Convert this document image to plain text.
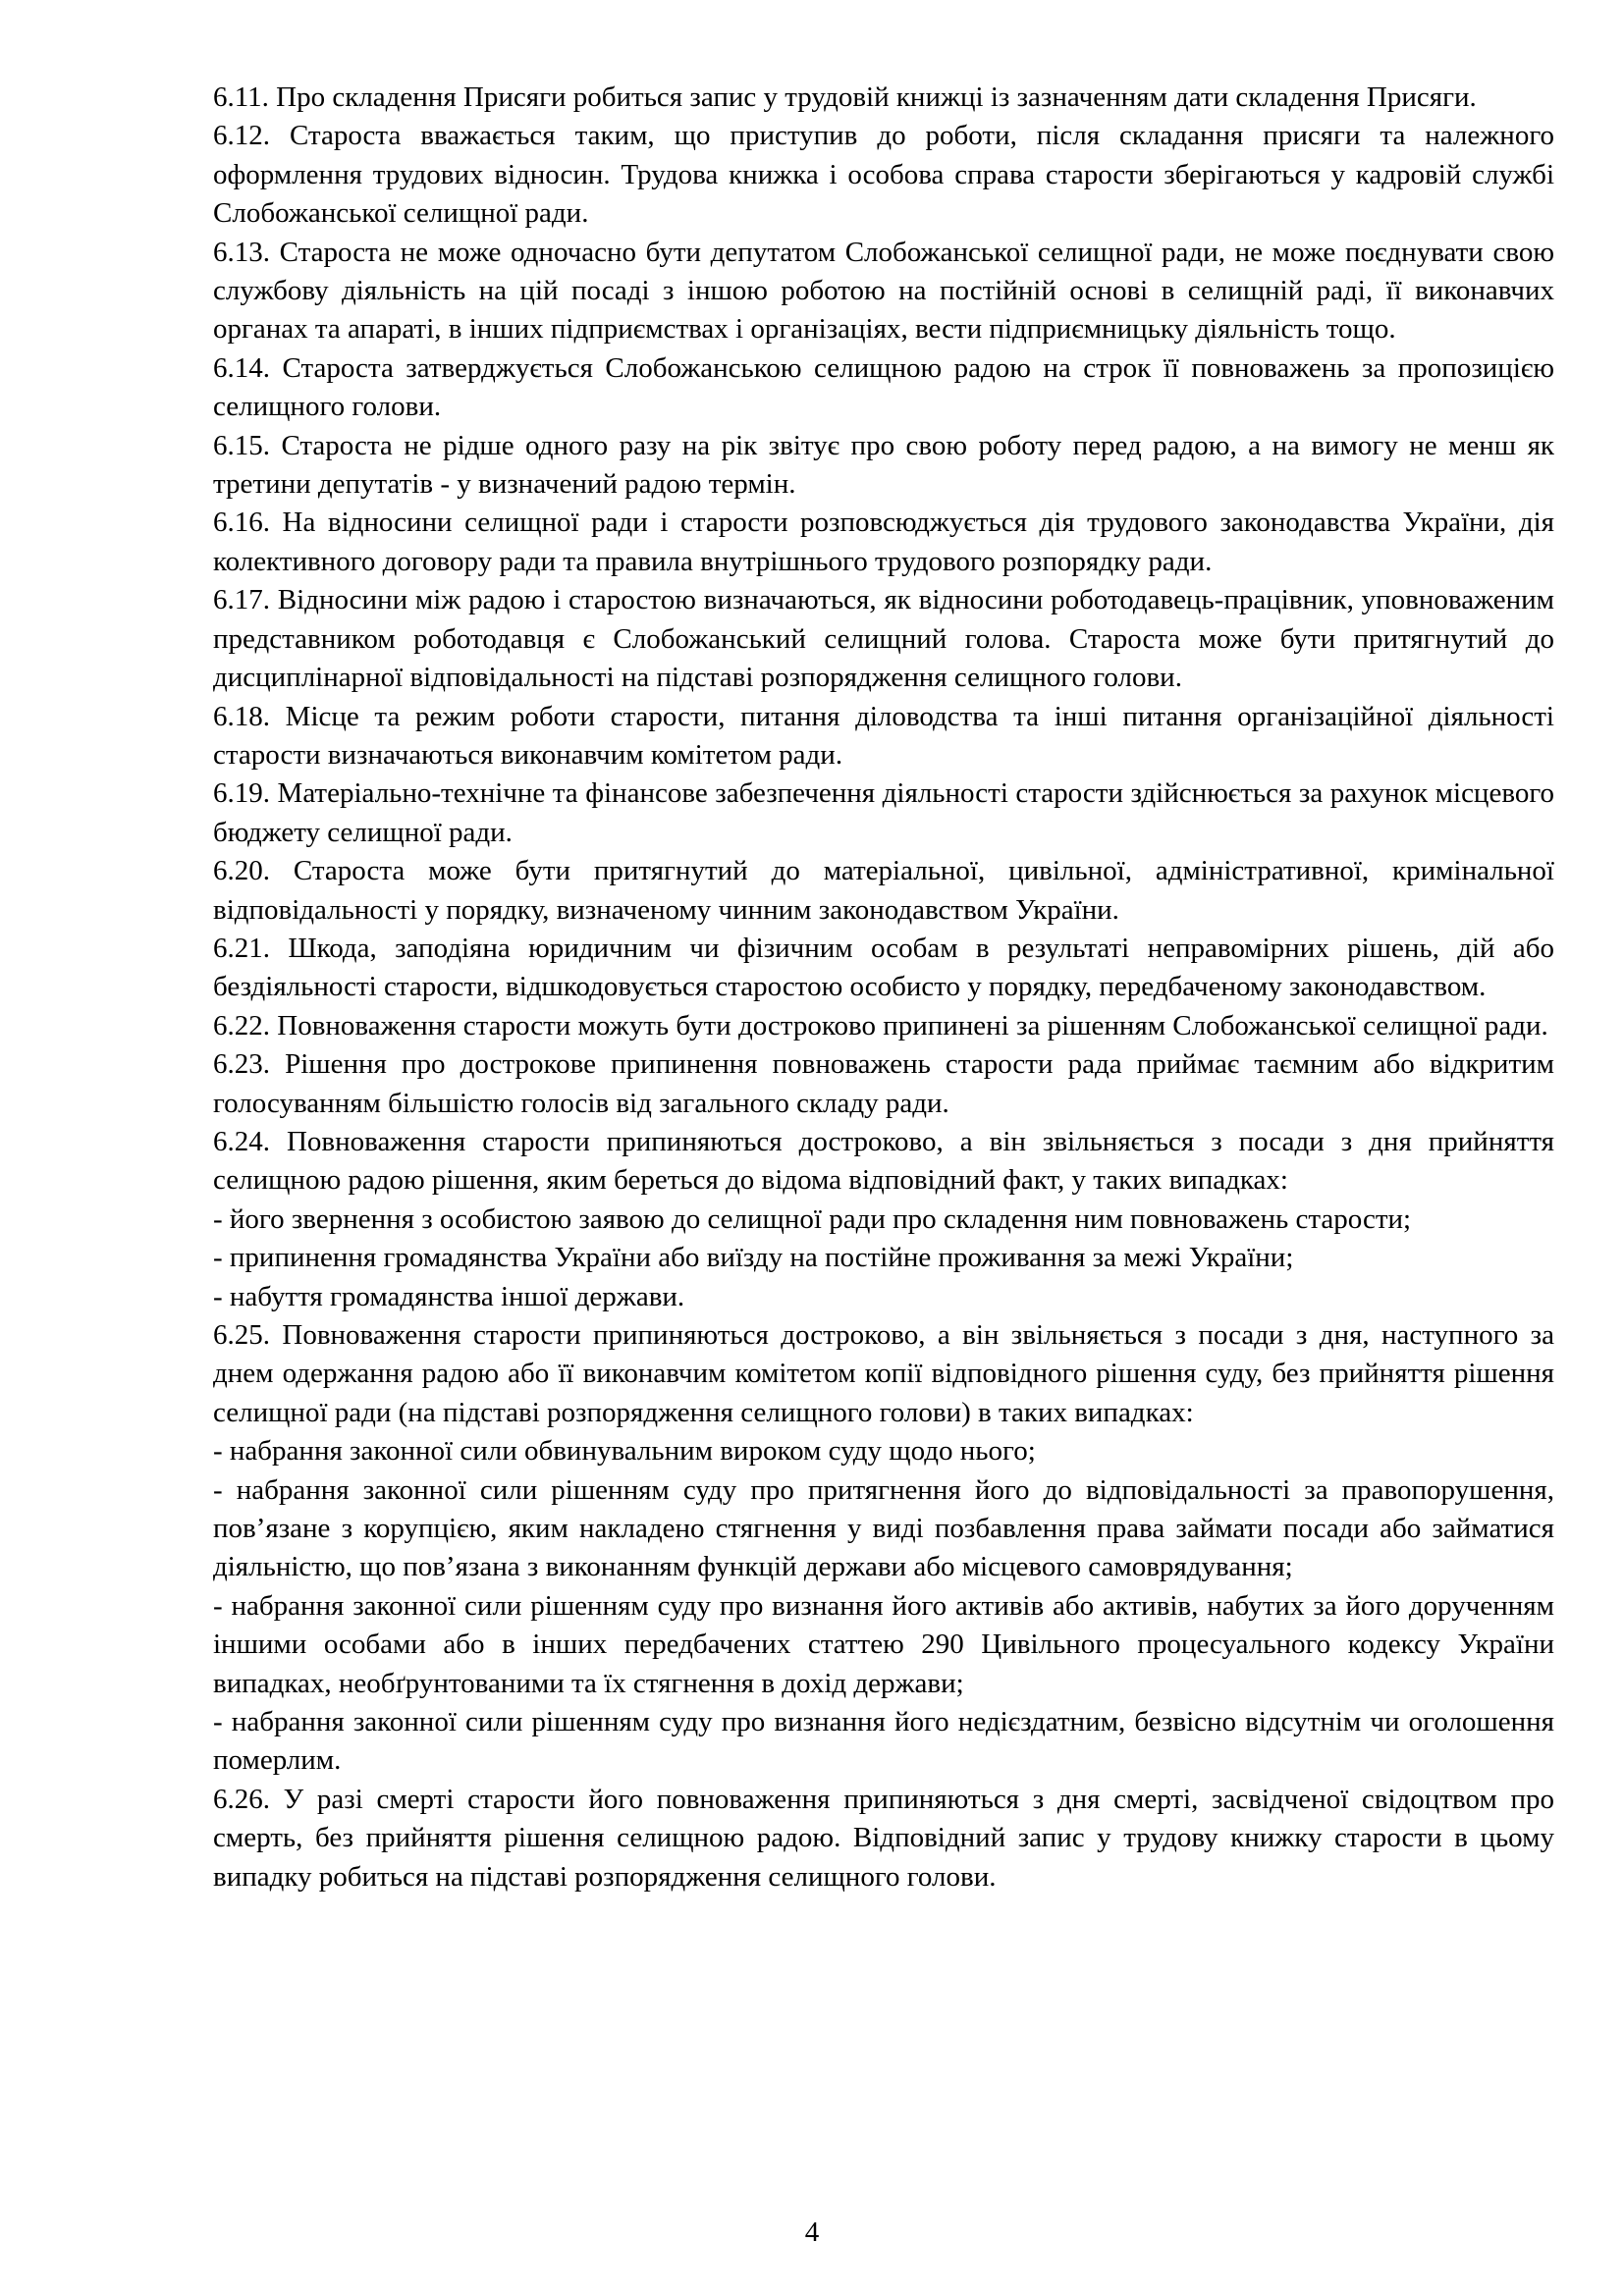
6.11. Про складення Присяги робиться запис у трудовій книжці із зазначенням дати складення Присяги.

6.12. Староста вважається таким, що приступив до роботи, після складання присяги та належного оформлення трудових відносин. Трудова книжка і особова справа старости зберігаються у кадровій службі Слобожанської селищної ради.

6.13. Староста не може одночасно бути депутатом Слобожанської селищної ради, не може поєднувати свою службову діяльність на цій посаді з іншою роботою на постійній основі в селищній раді, її виконавчих органах та апараті, в інших підприємствах і організаціях, вести підприємницьку діяльність тощо.

6.14. Староста затверджується Слобожанською селищною радою на строк її повноважень за пропозицією селищного голови.

6.15. Староста не рідше одного разу на рік звітує про свою роботу перед радою, а на вимогу не менш як третини депутатів - у визначений радою термін.

6.16. На відносини селищної ради і старости розповсюджується дія трудового законодавства України, дія колективного договору ради та правила внутрішнього трудового розпорядку ради.

6.17. Відносини між радою і старостою визначаються, як відносини роботодавець-працівник, уповноваженим представником роботодавця є Слобожанський селищний голова. Староста може бути притягнутий до дисциплінарної відповідальності на підставі розпорядження селищного голови.

6.18. Місце та режим роботи старости, питання діловодства та інші питання організаційної діяльності старости визначаються виконавчим комітетом ради.

6.19. Матеріально-технічне та фінансове забезпечення діяльності старости здійснюється за рахунок місцевого бюджету селищної ради.

6.20. Староста може бути притягнутий до матеріальної, цивільної, адміністративної, кримінальної відповідальності у порядку, визначеному чинним законодавством України.

6.21. Шкода, заподіяна юридичним чи фізичним особам в результаті неправомірних рішень, дій або бездіяльності старости, відшкодовується старостою особисто у порядку, передбаченому законодавством.

6.22. Повноваження старости можуть бути достроково припинені за рішенням Слобожанської селищної ради.

6.23. Рішення про дострокове припинення повноважень старости рада приймає таємним або відкритим голосуванням більшістю голосів від загального складу ради.

6.24. Повноваження старости припиняються достроково, а він звільняється з посади з дня прийняття селищною радою рішення, яким береться до відома відповідний факт, у таких випадках:

- його звернення з особистою заявою до селищної ради про складення ним повноважень старости;

- припинення громадянства України або виїзду на постійне проживання за межі України;

- набуття громадянства іншої держави.

6.25. Повноваження старости припиняються достроково, а він звільняється з посади з дня, наступного за днем одержання радою або її виконавчим комітетом копії відповідного рішення суду, без прийняття рішення селищної ради (на підставі розпорядження селищного голови) в таких випадках:

- набрання законної сили обвинувальним вироком суду щодо нього;

- набрання законної сили рішенням суду про притягнення його до відповідальності за правопорушення, пов’язане з корупцією, яким накладено стягнення у виді позбавлення права займати посади або займатися діяльністю, що пов’язана з виконанням функцій держави або місцевого самоврядування;

- набрання законної сили рішенням суду про визнання його активів або активів, набутих за його дорученням іншими особами або в інших передбачених статтею 290 Цивільного процесуального кодексу України випадках, необґрунтованими та їх стягнення в дохід держави;

- набрання законної сили рішенням суду про визнання його недієздатним, безвісно відсутнім чи оголошення померлим.

6.26. У разі смерті старости його повноваження припиняються з дня смерті, засвідченої свідоцтвом про смерть, без прийняття рішення селищною радою. Відповідний запис у трудову книжку старости в цьому випадку робиться на підставі розпорядження селищного голови.

4
